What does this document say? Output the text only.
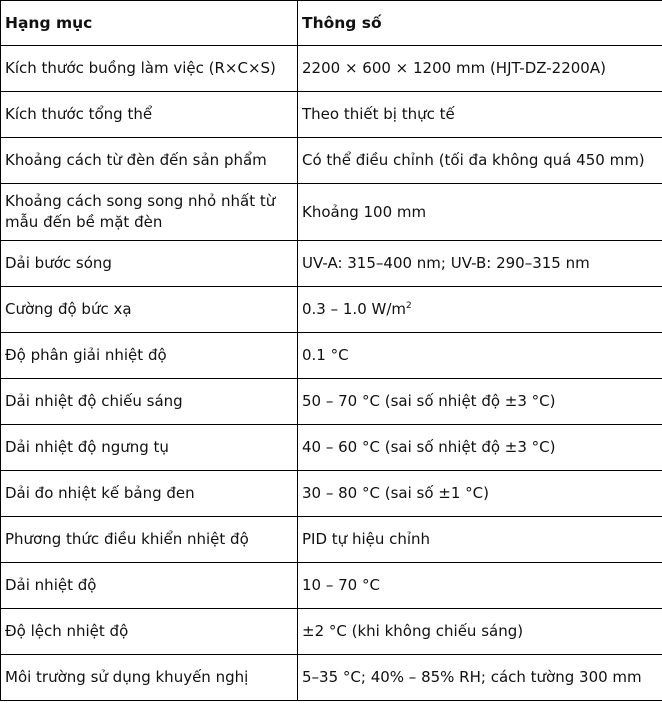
Hạng mục	Thông số
Kích thước buồng làm việc (R×C×S)	2200 × 600 × 1200 mm (HJT-DZ-2200A)
Kích thước tổng thể	Theo thiết bị thực tế
Khoảng cách từ đèn đến sản phẩm	Có thể điều chỉnh (tối đa không quá 450 mm)
Khoảng cách song song nhỏ nhất từ mẫu đến bề mặt đèn	Khoảng 100 mm
Dải bước sóng	UV-A: 315–400 nm; UV-B: 290–315 nm
Cường độ bức xạ	0.3 – 1.0 $W/m^2$
Độ phân giải nhiệt độ	0.1 °C
Dải nhiệt độ chiếu sáng	50 – 70 °C (sai số nhiệt độ ±3 °C)
Dải nhiệt độ ngưng tụ	40 – 60 °C (sai số nhiệt độ ±3 °C)
Dải đo nhiệt kế bảng đen	30 – 80 °C (sai số ±1 °C)
Phương thức điều khiển nhiệt độ	PID tự hiệu chỉnh
Dải nhiệt độ	10 – 70 °C
Độ lệch nhiệt độ	±2 °C (khi không chiếu sáng)
Môi trường sử dụng khuyến nghị	5–35 °C; 40% – 85% RH; cách tường 300 mm
